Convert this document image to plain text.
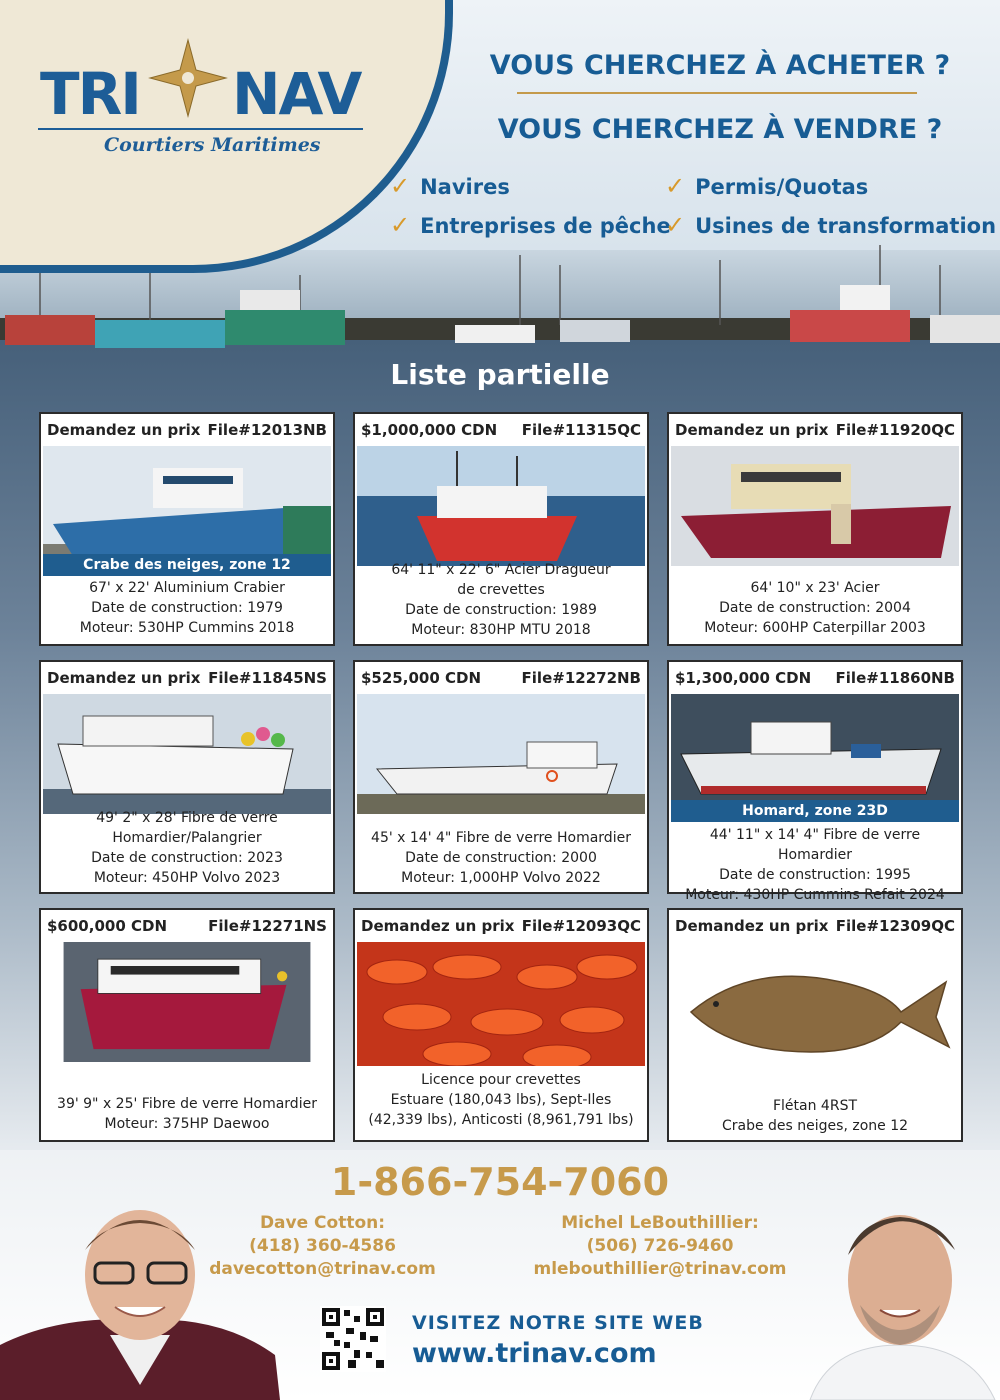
TRI NAV
Courtiers Maritimes
VOUS CHERCHEZ À ACHETER ?
VOUS CHERCHEZ À VENDRE ?
✓ Navires	✓ Permis/Quotas
✓ Entreprises de pêche
✓ Usines de transformation
Liste partielle
Demandez un prix File#12013NB
Crabe des neiges, zone 12
67' x 22' Aluminium Crabier
Date de construction: 1979
Moteur: 530HP Cummins 2018
$1,000,000 CDN File#11315QC
64' 11" x 22' 6" Acier Dragueur
de crevettes
Date de construction: 1989
Moteur: 830HP MTU 2018
Demandez un prix File#11920QC
64' 10" x 23' Acier
Date de construction: 2004
Moteur: 600HP Caterpillar 2003
Demandez un prix File#11845NS
49' 2" x 28' Fibre de verre
Homardier/Palangrier
Date de construction: 2023
Moteur: 450HP Volvo 2023
$525,000 CDN	File#12272NB
45' x 14' 4" Fibre de verre Homardier
Date de construction: 2000
Moteur: 1,000HP Volvo 2022
$1,300,000 CDN File#11860NB
Homard, zone 23D
44' 11" x 14' 4" Fibre de verre Homardier
Date de construction: 1995
Moteur: 430HP Cummins Refait 2024
$600,000 CDN	File#12271NS
39' 9" x 25' Fibre de verre Homardier
Moteur: 375HP Daewoo
Demandez un prix File#12093QC
Licence pour crevettes
Estuare (180,043 lbs), Sept-Iles
(42,339 lbs), Anticosti (8,961,791 lbs)
Demandez un prix File#12309QC
Flétan 4RST
Crabe des neiges, zone 12
1-866-754-7060
Dave Cotton:
(418) 360-4586
davecotton@trinav.com
Michel LeBouthillier:
(506) 726-9460
mlebouthillier@trinav.com
VISITEZ NOTRE SITE WEB
www.trinav.com
